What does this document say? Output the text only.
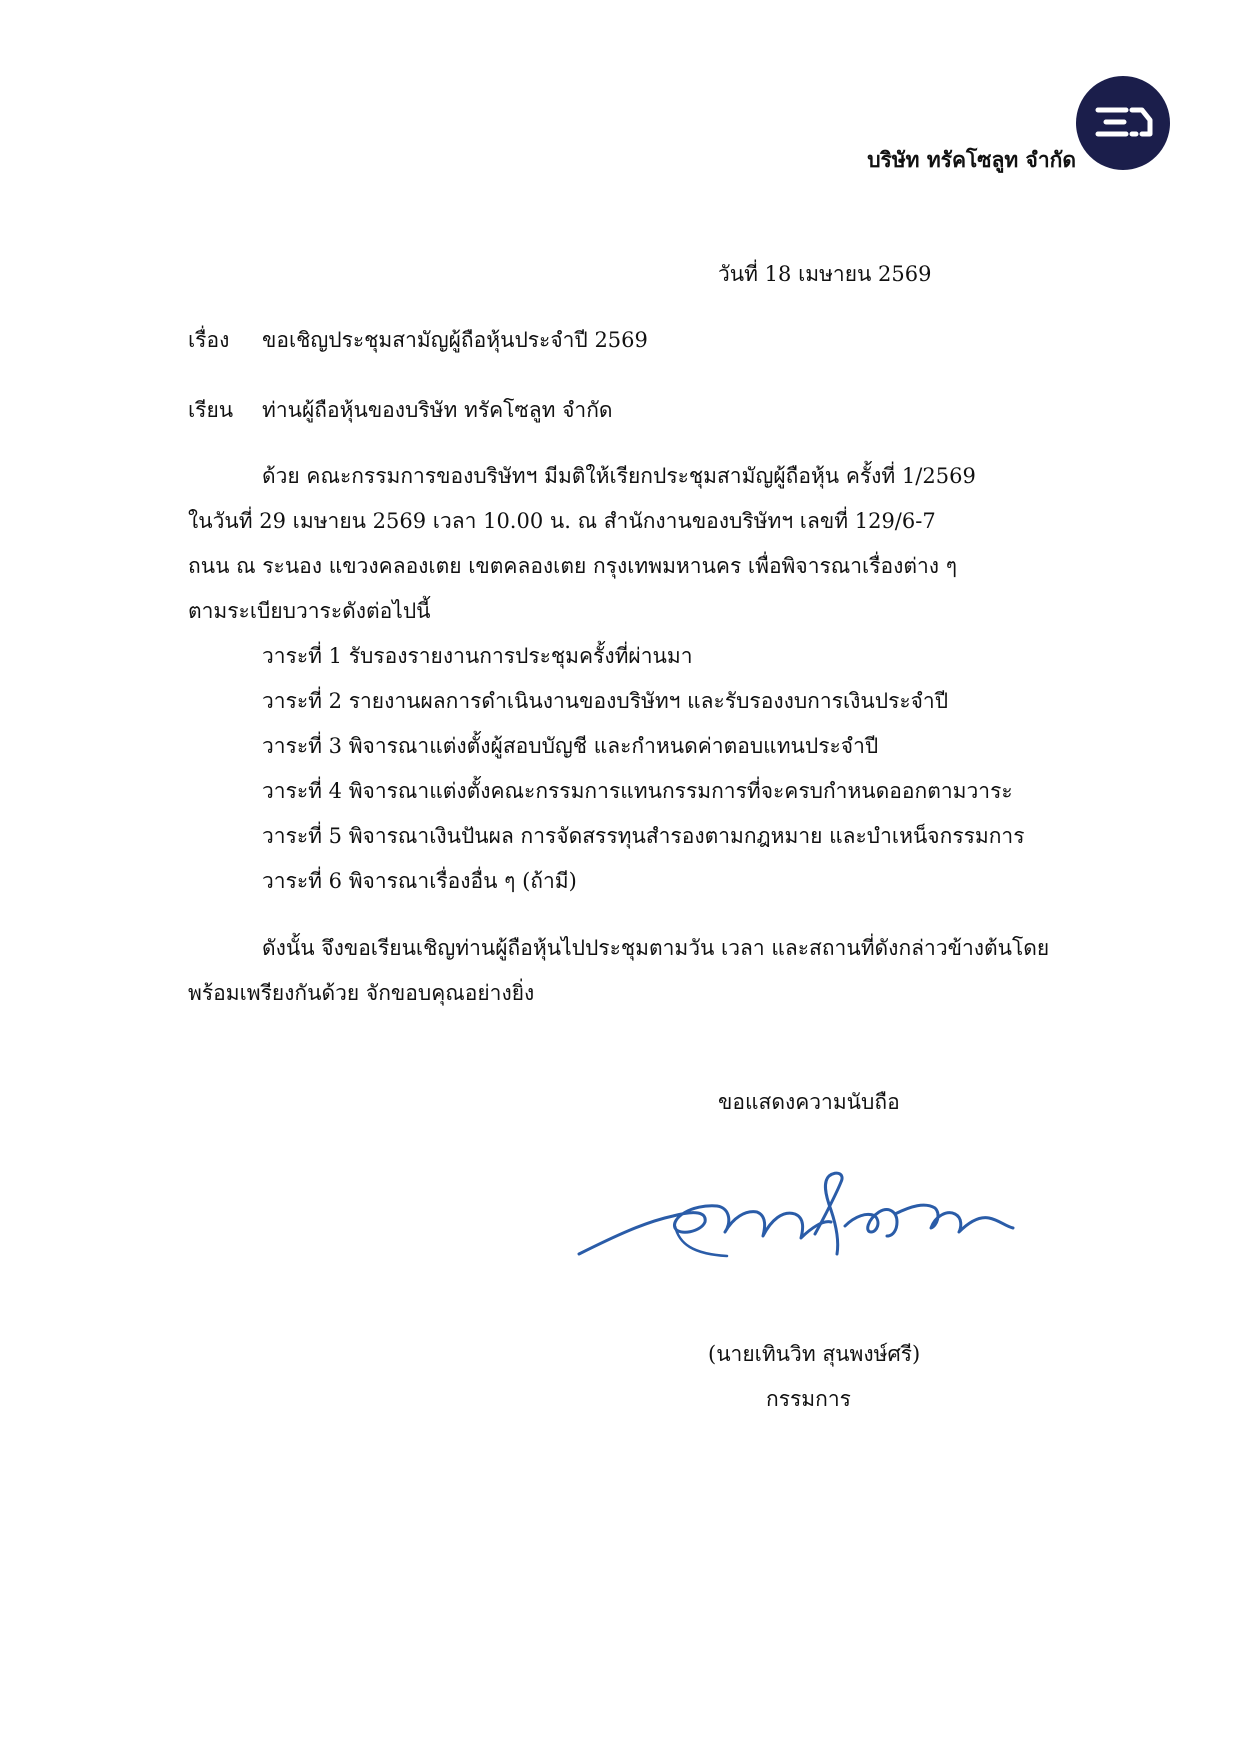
บริษัท ทรัคโซลูท จำกัด
วันที่ 18 เมษายน 2569
เรื่อง ขอเชิญประชุมสามัญผู้ถือหุ้นประจำปี 2569
เรียน ท่านผู้ถือหุ้นของบริษัท ทรัคโซลูท จำกัด
ด้วย คณะกรรมการของบริษัทฯ มีมติให้เรียกประชุมสามัญผู้ถือหุ้น ครั้งที่ 1/2569
ในวันที่ 29 เมษายน 2569 เวลา 10.00 น. ณ สำนักงานของบริษัทฯ เลขที่ 129/6-7
ถนน ณ ระนอง แขวงคลองเตย เขตคลองเตย กรุงเทพมหานคร เพื่อพิจารณาเรื่องต่าง ๆ
ตามระเบียบวาระดังต่อไปนี้
วาระที่ 1 รับรองรายงานการประชุมครั้งที่ผ่านมา
วาระที่ 2 รายงานผลการดำเนินงานของบริษัทฯ และรับรองงบการเงินประจำปี
วาระที่ 3 พิจารณาแต่งตั้งผู้สอบบัญชี และกำหนดค่าตอบแทนประจำปี
วาระที่ 4 พิจารณาแต่งตั้งคณะกรรมการแทนกรรมการที่จะครบกำหนดออกตามวาระ
วาระที่ 5 พิจารณาเงินปันผล การจัดสรรทุนสำรองตามกฎหมาย และบำเหน็จกรรมการ
วาระที่ 6 พิจารณาเรื่องอื่น ๆ (ถ้ามี)
ดังนั้น จึงขอเรียนเชิญท่านผู้ถือหุ้นไปประชุมตามวัน เวลา และสถานที่ดังกล่าวข้างต้นโดย
พร้อมเพรียงกันด้วย จักขอบคุณอย่างยิ่ง
ขอแสดงความนับถือ
(นายเทินวิท สุนพงษ์ศรี)
กรรมการ
